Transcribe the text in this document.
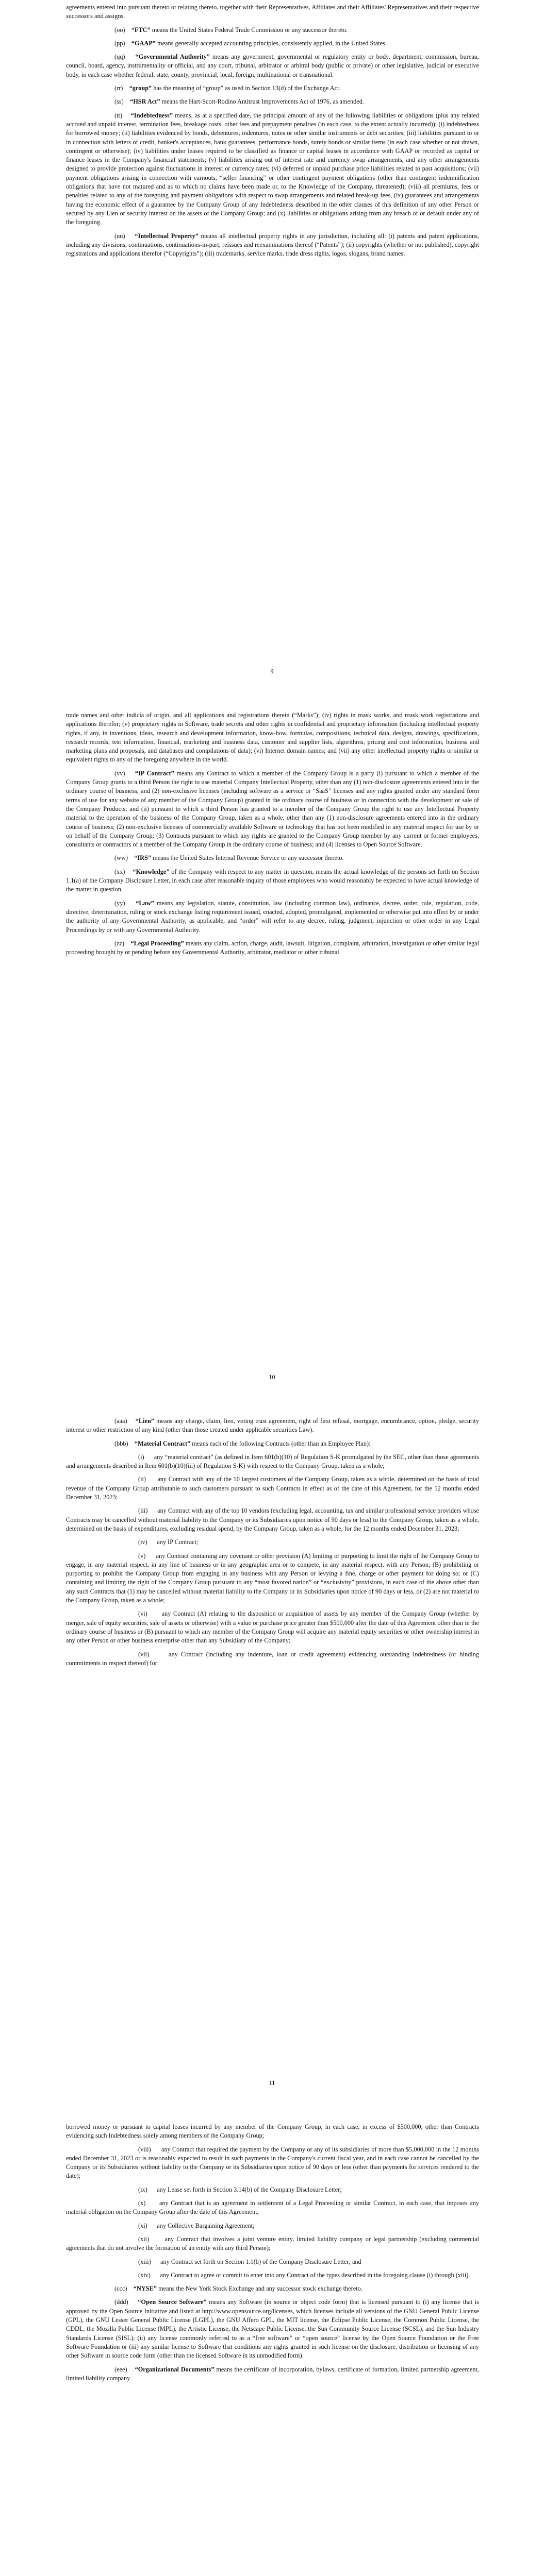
agreements entered into pursuant thereto or relating thereto, together with their Representatives, Affiliates and their Affiliates' Representatives and their respective successors and assigns.

(oo) “FTC” means the United States Federal Trade Commission or any successor thereto.

(pp) “GAAP” means generally accepted accounting principles, consistently applied, in the United States.

(qq) “Governmental Authority” means any government, governmental or regulatory entity or body, department, commission, bureau, council, board, agency, instrumentality or official, and any court, tribunal, arbitrator or arbitral body (public or private) or other legislative, judicial or executive body, in each case whether federal, state, county, provincial, local, foreign, multinational or transnational.

(rr) “group” has the meaning of “group” as used in Section 13(d) of the Exchange Act.

(ss) “HSR Act” means the Hart-Scott-Rodino Antitrust Improvements Act of 1976, as amended.

(tt) “Indebtedness” means, as at a specified date, the principal amount of any of the following liabilities or obligations (plus any related accrued and unpaid interest, termination fees, breakage costs, other fees and prepayment penalties (in each case, to the extent actually incurred)): (i) indebtedness for borrowed money; (ii) liabilities evidenced by bonds, debentures, indentures, notes or other similar instruments or debt securities; (iii) liabilities pursuant to or in connection with letters of credit, banker's acceptances, bank guarantees, performance bonds, surety bonds or similar items (in each case whether or not drawn, contingent or otherwise); (iv) liabilities under leases required to be classified as finance or capital leases in accordance with GAAP or recorded as capital or finance leases in the Company's financial statements; (v) liabilities arising out of interest rate and currency swap arrangements, and any other arrangements designed to provide protection against fluctuations in interest or currency rates; (vi) deferred or unpaid purchase price liabilities related to past acquisitions; (vii) payment obligations arising in connection with earnouts, “seller financing” or other contingent payment obligations (other than contingent indemnification obligations that have not matured and as to which no claims have been made or, to the Knowledge of the Company, threatened); (viii) all premiums, fees or penalties related to any of the foregoing and payment obligations with respect to swap arrangements and related break-up fees, (ix) guarantees and arrangements having the economic effect of a guarantee by the Company Group of any Indebtedness described in the other clauses of this definition of any other Person or secured by any Lien or security interest on the assets of the Company Group; and (x) liabilities or obligations arising from any breach of or default under any of the foregoing.

(uu) “Intellectual Property” means all intellectual property rights in any jurisdiction, including all: (i) patents and patent applications, including any divisions, continuations, continuations-in-part, reissues and reexaminations thereof (“Patents”); (ii) copyrights (whether or not published), copyright registrations and applications therefor (“Copyrights”); (iii) trademarks, service marks, trade dress rights, logos, slogans, brand names,

9

trade names and other indicia of origin, and all applications and registrations therein (“Marks”); (iv) rights in mask works, and mask work registrations and applications therefor; (v) proprietary rights in Software, trade secrets and other rights in confidential and proprietary information (including intellectual property rights, if any, in inventions, ideas, research and development information, know-how, formulas, compositions, technical data, designs, drawings, specifications, research records, test information, financial, marketing and business data, customer and supplier lists, algorithms, pricing and cost information, business and marketing plans and proposals, and databases and compilations of data); (vi) Internet domain names; and (vii) any other intellectual property rights or similar or equivalent rights to any of the foregoing anywhere in the world.

(vv) “IP Contract” means any Contract to which a member of the Company Group is a party (i) pursuant to which a member of the Company Group grants to a third Person the right to use material Company Intellectual Property, other than any (1) non-disclosure agreements entered into in the ordinary course of business; and (2) non-exclusive licenses (including software as a service or “SaaS” licenses and any rights granted under any standard form terms of use for any website of any member of the Company Group) granted in the ordinary course of business or in connection with the development or sale of the Company Products; and (ii) pursuant to which a third Person has granted to a member of the Company Group the right to use any Intellectual Property material to the operation of the business of the Company Group, taken as a whole, other than any (1) non-disclosure agreements entered into in the ordinary course of business; (2) non-exclusive licenses of commercially available Software or technology that has not been modified in any material respect for use by or on behalf of the Company Group; (3) Contracts pursuant to which any rights are granted to the Company Group member by any current or former employees, consultants or contractors of a member of the Company Group in the ordinary course of business; and (4) licenses to Open Source Software.

(ww) “IRS” means the United States Internal Revenue Service or any successor thereto.

(xx) “Knowledge” of the Company with respect to any matter in question, means the actual knowledge of the persons set forth on Section 1.1(a) of the Company Disclosure Letter, in each case after reasonable inquiry of those employees who would reasonably be expected to have actual knowledge of the matter in question.

(yy) “Law” means any legislation, statute, constitution, law (including common law), ordinance, decree, order, rule, regulation, code, directive, determination, ruling or stock exchange listing requirement issued, enacted, adopted, promulgated, implemented or otherwise put into effect by or under the authority of any Governmental Authority, as applicable, and “order” will refer to any decree, ruling, judgment, injunction or other order in any Legal Proceedings by or with any Governmental Authority.

(zz) “Legal Proceeding” means any claim, action, charge, audit, lawsuit, litigation, complaint, arbitration, investigation or other similar legal proceeding brought by or pending before any Governmental Authority, arbitrator, mediator or other tribunal.

10

(aaa) “Lien” means any charge, claim, lien, voting trust agreement, right of first refusal, mortgage, encumbrance, option, pledge, security interest or other restriction of any kind (other than those created under applicable securities Law).

(bbb) “Material Contract” means each of the following Contracts (other than an Employee Plan):

(i) any “material contract” (as defined in Item 601(b)(10) of Regulation S-K promulgated by the SEC, other than those agreements and arrangements described in Item 601(b)(10)(iii) of Regulation S-K) with respect to the Company Group, taken as a whole;

(ii) any Contract with any of the 10 largest customers of the Company Group, taken as a whole, determined on the basis of total revenue of the Company Group attributable to such customers pursuant to such Contracts in effect as of the date of this Agreement, for the 12 months ended December 31, 2023;

(iii) any Contract with any of the top 10 vendors (excluding legal, accounting, tax and similar professional service providers whose Contracts may be cancelled without material liability to the Company or its Subsidiaries upon notice of 90 days or less) to the Company Group, taken as a whole, determined on the basis of expenditures, excluding residual spend, by the Company Group, taken as a whole, for the 12 months ended December 31, 2023;

(iv) any IP Contract;

(v) any Contract containing any covenant or other provision (A) limiting or purporting to limit the right of the Company Group to engage, in any material respect, in any line of business or in any geographic area or to compete, in any material respect, with any Person; (B) prohibiting or purporting to prohibit the Company Group from engaging in any business with any Person or levying a fine, charge or other payment for doing so; or (C) containing and limiting the right of the Company Group pursuant to any “most favored nation” or “exclusivity” provisions, in each case of the above other than any such Contracts that (1) may be cancelled without material liability to the Company or its Subsidiaries upon notice of 90 days or less, or (2) are not material to the Company Group, taken as a whole;

(vi) any Contract (A) relating to the disposition or acquisition of assets by any member of the Company Group (whether by merger, sale of equity securities, sale of assets or otherwise) with a value or purchase price greater than $500,000 after the date of this Agreement other than in the ordinary course of business or (B) pursuant to which any member of the Company Group will acquire any material equity securities or other ownership interest in any other Person or other business enterprise other than any Subsidiary of the Company;

(vii)	any Contract (including any indenture, loan or credit agreement) evidencing outstanding Indebtedness (or binding commitments in respect thereof) for

11

borrowed money or pursuant to capital leases incurred by any member of the Company Group, in each case, in excess of $500,000, other than Contracts evidencing such Indebtedness solely among members of the Company Group;

(viii) any Contract that required the payment by the Company or any of its subsidiaries of more than $5,000,000 in the 12 months ended December 31, 2023 or is reasonably expected to result in such payments in the Company's current fiscal year, and in each case cannot be cancelled by the Company or its Subsidiaries without liability to the Company or its Subsidiaries upon notice of 90 days or less (other than payments for services rendered to the date);

(ix) any Lease set forth in Section 3.14(b) of the Company Disclosure Letter;

(x) any Contract that is an agreement in settlement of a Legal Proceeding or similar Contract, in each case, that imposes any material obligation on the Company Group after the date of this Agreement;

(xi) any Collective Bargaining Agreement;

(xii) any Contract that involves a joint venture entity, limited liability company or legal partnership (excluding commercial agreements that do not involve the formation of an entity with any third Person);

(xiii) any Contract set forth on Section 1.1(b) of the Company Disclosure Letter; and

(xiv) any Contract to agree or commit to enter into any Contract of the types described in the foregoing clause (i) through (xiii).

(ccc) “NYSE” means the New York Stock Exchange and any successor stock exchange thereto.

(ddd) “Open Source Software” means any Software (in source or object code form) that is licensed pursuant to (i) any license that is approved by the Open Source Initiative and listed at http://www.opensource.org/licenses, which licenses include all versions of the GNU General Public License (GPL), the GNU Lesser General Public License (LGPL), the GNU Affero GPL, the MIT license, the Eclipse Public License, the Common Public License, the CDDL, the Mozilla Public License (MPL), the Artistic License, the Netscape Public License, the Sun Community Source License (SCSL), and the Sun Industry Standards License (SISL); (ii) any license commonly referred to as a “free software” or “open source” license by the Open Source Foundation or the Free Software Foundation or (iii) any similar license to Software that conditions any rights granted in such license on the disclosure, distribution or licensing of any other Software in source code form (other than the licensed Software in its unmodified form).

(eee) “Organizational Documents” means the certificate of incorporation, bylaws, certificate of formation, limited partnership agreement, limited liability company
